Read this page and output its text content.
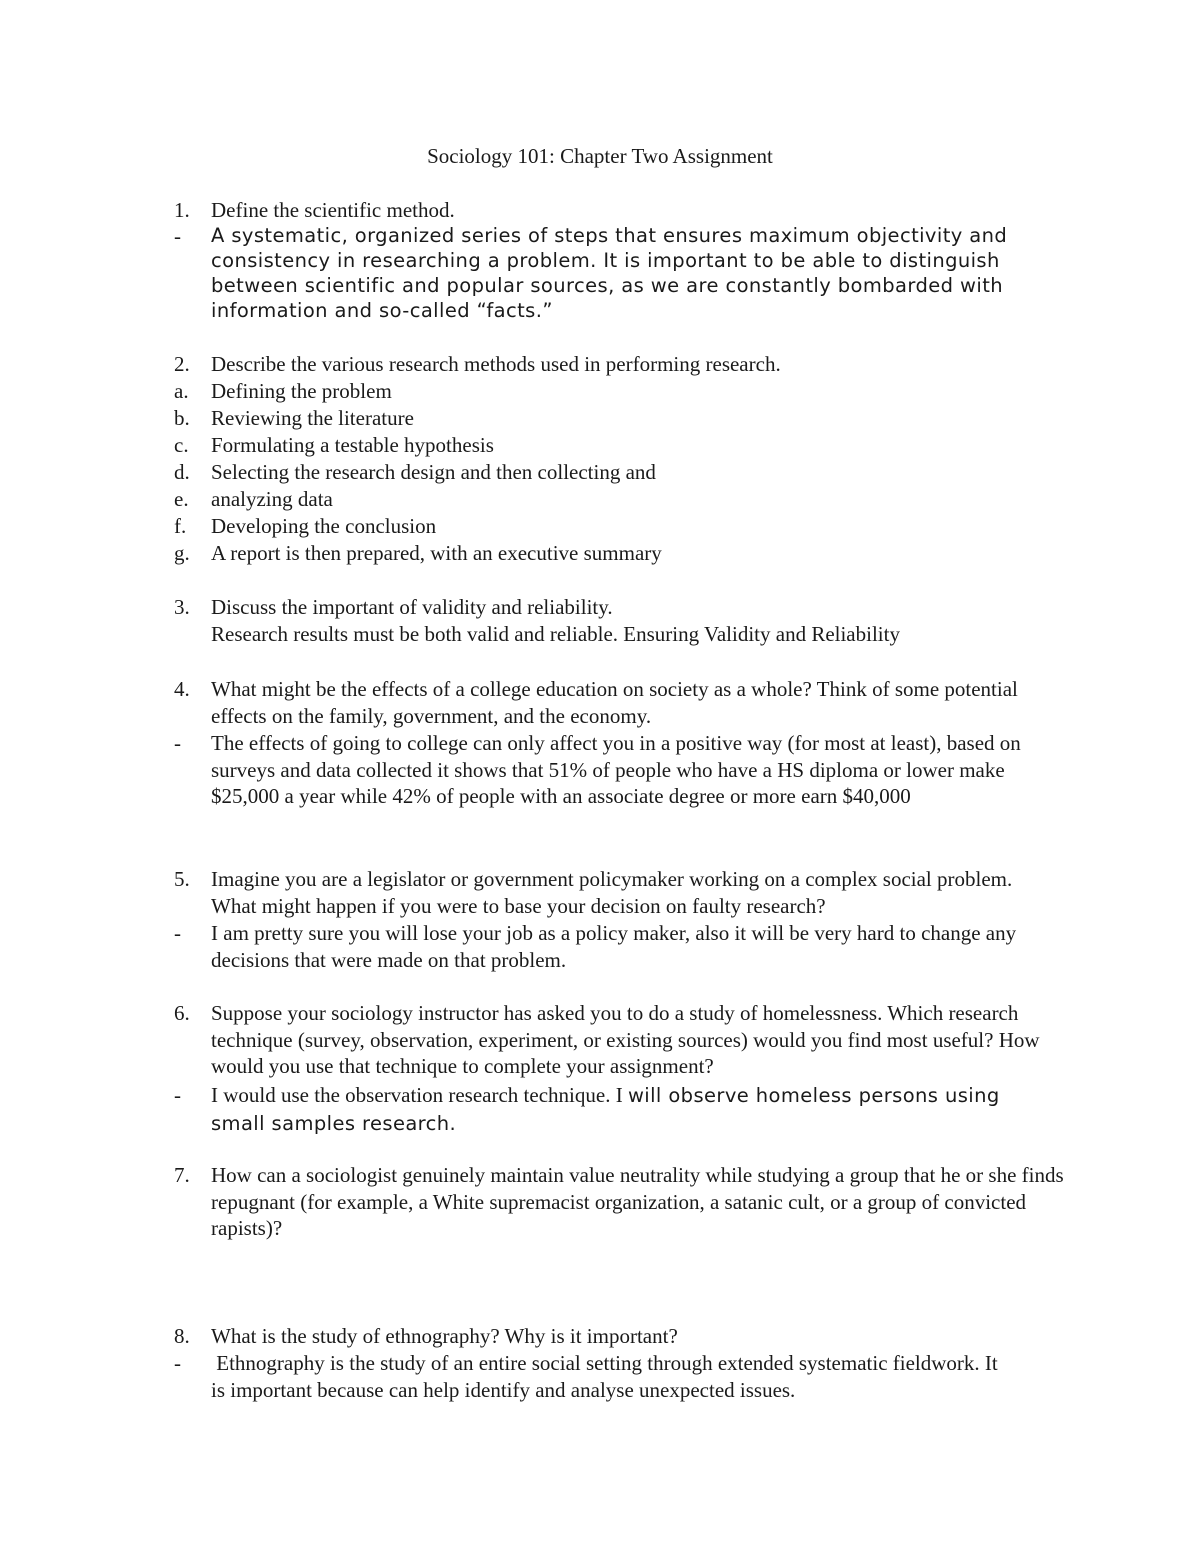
Sociology 101: Chapter Two Assignment
1. Define the scientific method.
- A systematic, organized series of steps that ensures maximum objectivity and consistency in researching a problem. It is important to be able to distinguish between scientific and popular sources, as we are constantly bombarded with information and so-called “facts.”
2. Describe the various research methods used in performing research.
a. Defining the problem
b. Reviewing the literature
c. Formulating a testable hypothesis
d. Selecting the research design and then collecting and
e. analyzing data
f. Developing the conclusion
g. A report is then prepared, with an executive summary
3. Discuss the important of validity and reliability.
Research results must be both valid and reliable. Ensuring Validity and Reliability
4. What might be the effects of a college education on society as a whole? Think of some potential effects on the family, government, and the economy.
- The effects of going to college can only affect you in a positive way (for most at least), based on surveys and data collected it shows that 51% of people who have a HS diploma or lower make $25,000 a year while 42% of people with an associate degree or more earn $40,000
5. Imagine you are a legislator or government policymaker working on a complex social problem. What might happen if you were to base your decision on faulty research?
- I am pretty sure you will lose your job as a policy maker, also it will be very hard to change any decisions that were made on that problem.
6. Suppose your sociology instructor has asked you to do a study of homelessness. Which research technique (survey, observation, experiment, or existing sources) would you find most useful? How would you use that technique to complete your assignment?
- I would use the observation research technique. I will observe homeless persons using small samples research.
7. How can a sociologist genuinely maintain value neutrality while studying a group that he or she finds repugnant (for example, a White supremacist organization, a satanic cult, or a group of convicted rapists)?
8. What is the study of ethnography? Why is it important?
- Ethnography is the study of an entire social setting through extended systematic fieldwork. It is important because can help identify and analyse unexpected issues.
